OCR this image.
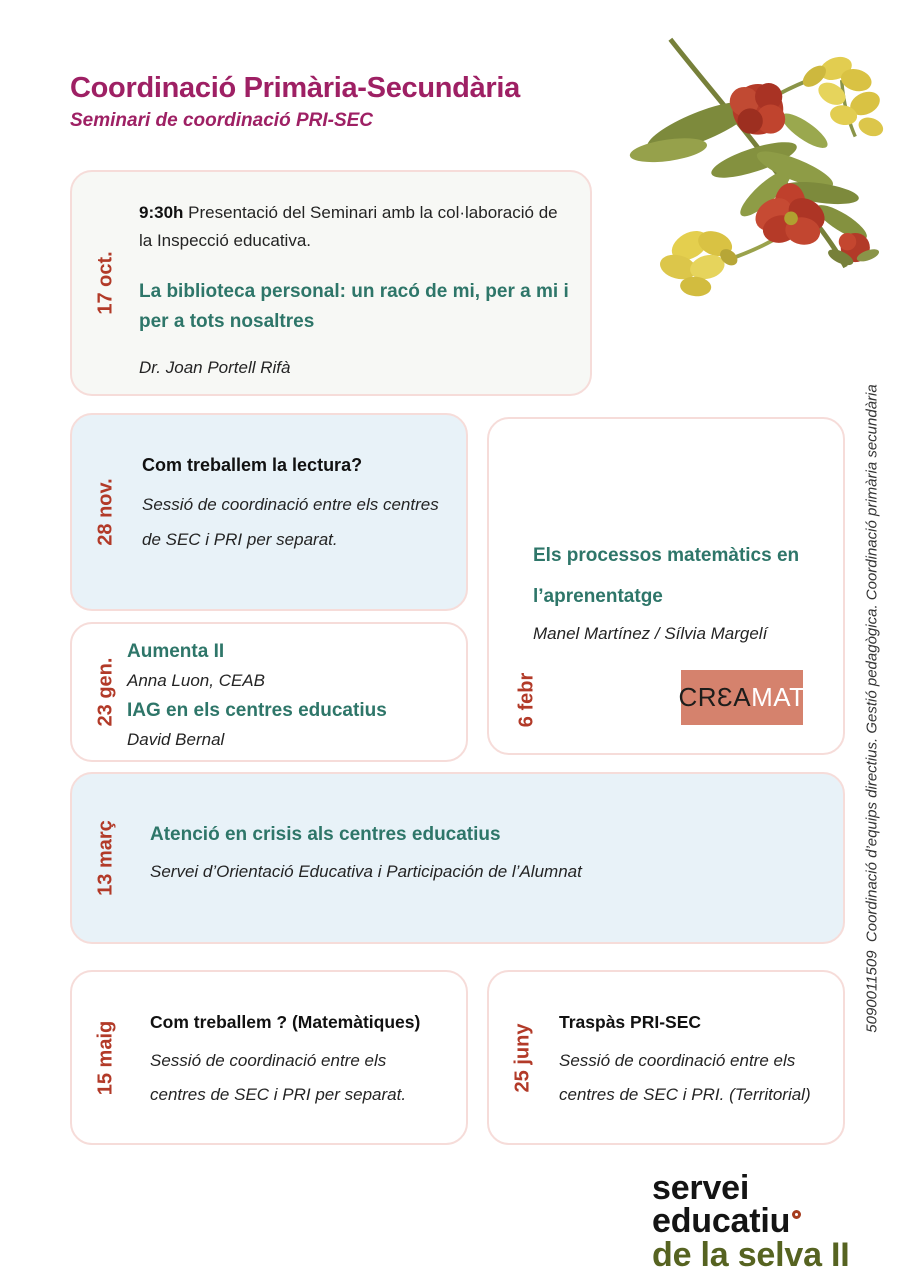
Coordinació Primària-Secundària
Seminari de coordinació PRI-SEC
17 oct.

9:30h Presentació del Seminari amb la col·laboració de la Inspecció educativa.

La biblioteca personal: un racó de mi, per a mi i per a tots nosaltres

Dr. Joan Portell Rifà

28 nov.
Com treballem la lectura?

Sessió de coordinació entre els centres de SEC i PRI per separat.

23 gen.
Aumenta II

Anna Luon, CEAB

IAG en els centres educatius

David Bernal

6 febr
Els processos matemàtics en l’aprenentatge

Manel Martínez / Sílvia Margelí

CRƐA MAT
13 març Atenció en crisis als centres educatius

Servei d’Orientació Educativa i Participación de l’Alumnat

15 maig Com treballem ? (Matemàtiques)

Sessió de coordinació entre els centres de SEC i PRI per separat.

25 juny
Traspàs PRI-SEC

Sessió de coordinació entre els centres de SEC i PRI. (Territorial)

5090011509  Coordinació d’equips directius. Gestió pedagògica. Coordinació primària secundària
servei
educatiu
de la selva II
